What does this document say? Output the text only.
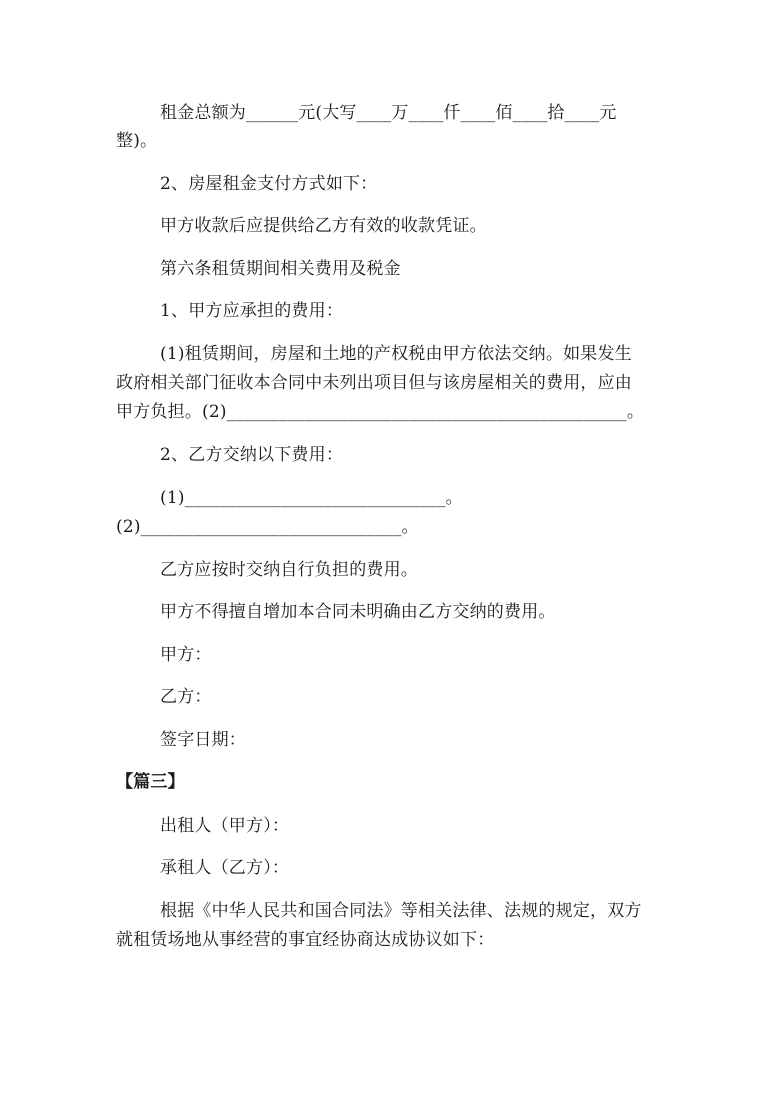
租金总额为______元(大写____万____仟____佰____拾____元
整)。
2、房屋租金支付方式如下：
甲方收款后应提供给乙方有效的收款凭证。
第六条租赁期间相关费用及税金
1、甲方应承担的费用：
(1)租赁期间，房屋和土地的产权税由甲方依法交纳。如果发生
政府相关部门征收本合同中未列出项目但与该房屋相关的费用，应由
甲方负担。(2)______________________________________________。
2、乙方交纳以下费用：
(1)______________________________。
(2)______________________________。
乙方应按时交纳自行负担的费用。
甲方不得擅自增加本合同未明确由乙方交纳的费用。
甲方：
乙方：
签字日期：
【篇三】
出租人（甲方）：
承租人（乙方）：
根据《中华人民共和国合同法》等相关法律、法规的规定，双方
就租赁场地从事经营的事宜经协商达成协议如下：
